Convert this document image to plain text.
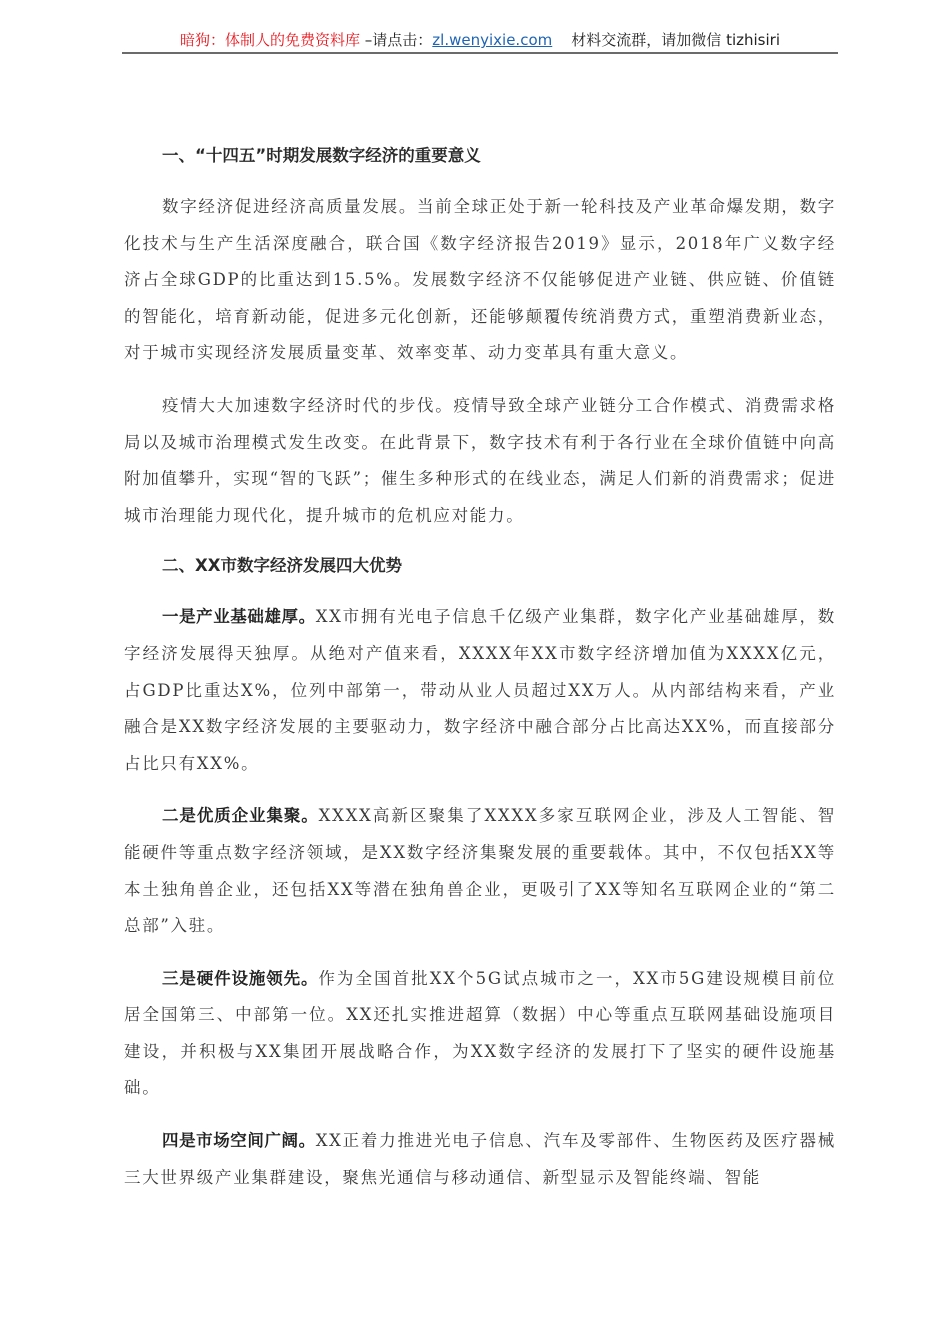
暗狗：体制人的免费资料库 –请点击：zl.wenyixie.com    材料交流群，请加微信 tizhisiri
一、“十四五”时期发展数字经济的重要意义

数字经济促进经济高质量发展。当前全球正处于新一轮科技及产业革命爆发期，数字化技术与生产生活深度融合，联合国《数字经济报告2019》显示，2018年广义数字经济占全球GDP的比重达到15.5%。发展数字经济不仅能够促进产业链、供应链、价值链的智能化，培育新动能，促进多元化创新，还能够颠覆传统消费方式，重塑消费新业态，对于城市实现经济发展质量变革、效率变革、动力变革具有重大意义。

疫情大大加速数字经济时代的步伐。疫情导致全球产业链分工合作模式、消费需求格局以及城市治理模式发生改变。在此背景下，数字技术有利于各行业在全球价值链中向高附加值攀升，实现“智的飞跃”；催生多种形式的在线业态，满足人们新的消费需求；促进城市治理能力现代化，提升城市的危机应对能力。

二、XX市数字经济发展四大优势

一是产业基础雄厚。XX市拥有光电子信息千亿级产业集群，数字化产业基础雄厚，数字经济发展得天独厚。从绝对产值来看，XXXX年XX市数字经济增加值为XXXX亿元，占GDP比重达X%，位列中部第一，带动从业人员超过XX万人。从内部结构来看，产业融合是XX数字经济发展的主要驱动力，数字经济中融合部分占比高达XX%，而直接部分占比只有XX%。

二是优质企业集聚。XXXX高新区聚集了XXXX多家互联网企业，涉及人工智能、智能硬件等重点数字经济领域，是XX数字经济集聚发展的重要载体。其中，不仅包括XX等本土独角兽企业，还包括XX等潜在独角兽企业，更吸引了XX等知名互联网企业的“第二总部”入驻。

三是硬件设施领先。作为全国首批XX个5G试点城市之一，XX市5G建设规模目前位居全国第三、中部第一位。XX还扎实推进超算（数据）中心等重点互联网基础设施项目建设，并积极与XX集团开展战略合作，为XX数字经济的发展打下了坚实的硬件设施基础。

四是市场空间广阔。XX正着力推进光电子信息、汽车及零部件、生物医药及医疗器械三大世界级产业集群建设，聚焦光通信与移动通信、新型显示及智能终端、智能
